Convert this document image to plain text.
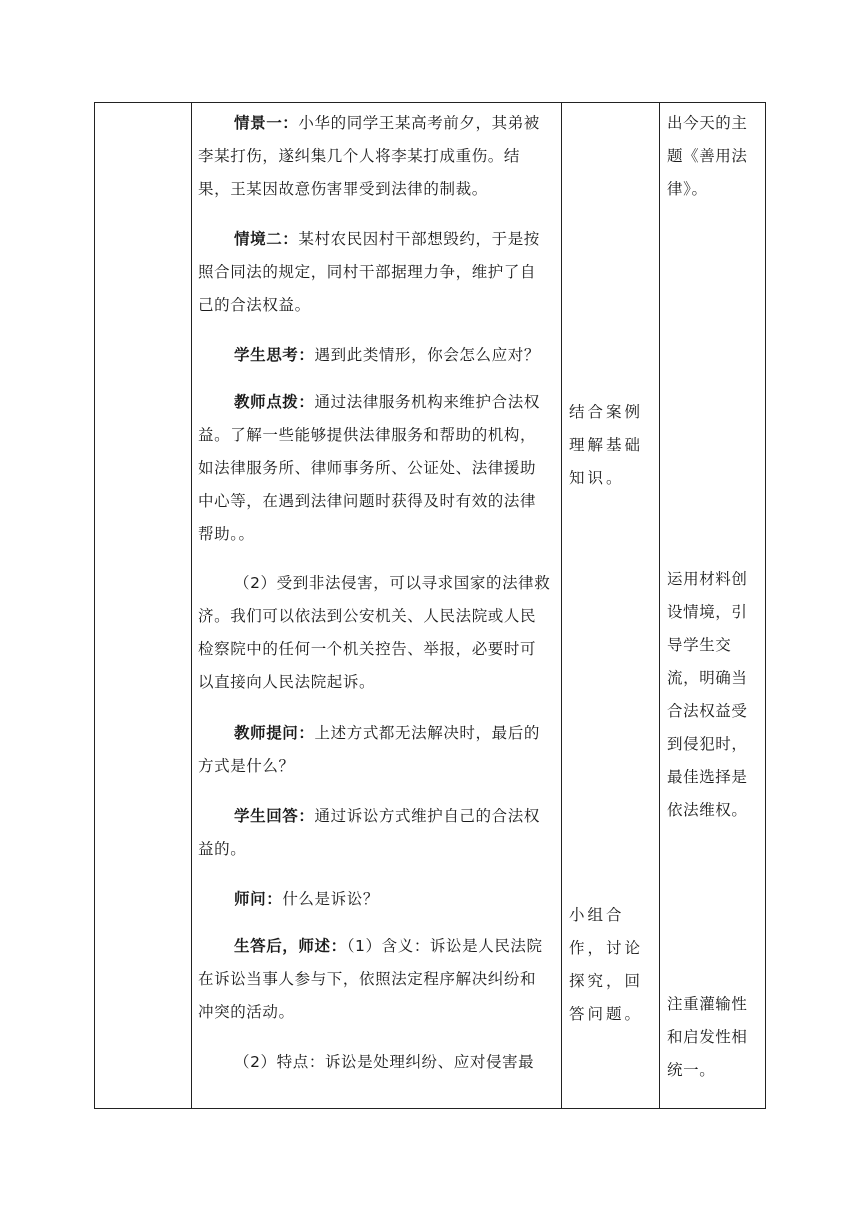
情景一：小华的同学王某高考前夕，其弟被李某打伤，遂纠集几个人将李某打成重伤。结果，王某因故意伤害罪受到法律的制裁。

情境二：某村农民因村干部想毁约，于是按照合同法的规定，同村干部据理力争，维护了自己的合法权益。

学生思考：遇到此类情形，你会怎么应对？

教师点拨：通过法律服务机构来维护合法权益。了解一些能够提供法律服务和帮助的机构，如法律服务所、律师事务所、公证处、法律援助中心等，在遇到法律问题时获得及时有效的法律帮助。。

（2）受到非法侵害，可以寻求国家的法律救济。我们可以依法到公安机关、人民法院或人民检察院中的任何一个机关控告、举报，必要时可以直接向人民法院起诉。

教师提问：上述方式都无法解决时，最后的方式是什么？

学生回答：通过诉讼方式维护自己的合法权益的。

师问：什么是诉讼？

生答后，师述：（1）含义：诉讼是人民法院在诉讼当事人参与下，依照法定程序解决纠纷和冲突的活动。

（2）特点：诉讼是处理纠纷、应对侵害最

结合案例理解基础知识。

小组合作，讨论探究，回答问题。

出今天的主题《善用法律》。

运用材料创设情境，引导学生交流，明确当合法权益受到侵犯时，最佳选择是依法维权。

注重灌输性和启发性相统一。
